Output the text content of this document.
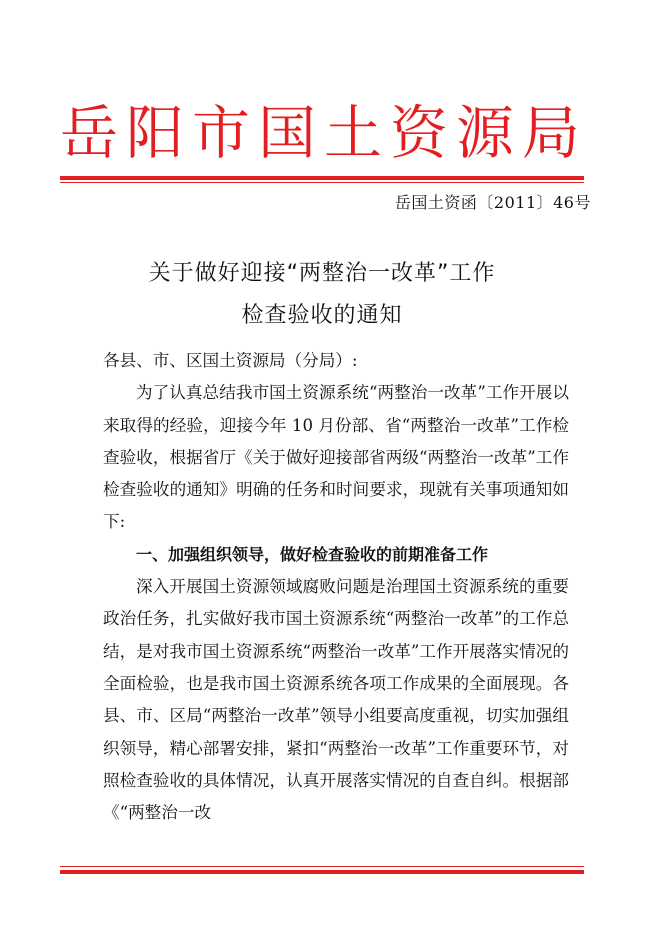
岳 阳 市 国 土 资 源 局
岳国土资函〔2011〕46号
关于做好迎接“两整治一改革”工作
检查验收的通知

各县、市、区国土资源局（分局）:

为了认真总结我市国土资源系统“两整治一改革”工作开展以来取得的经验，迎接今年 10 月份部、省“两整治一改革”工作检查验收，根据省厅《关于做好迎接部省两级“两整治一改革”工作检查验收的通知》明确的任务和时间要求，现就有关事项通知如下:

一、加强组织领导，做好检查验收的前期准备工作

深入开展国土资源领域腐败问题是治理国土资源系统的重要政治任务，扎实做好我市国土资源系统“两整治一改革”的工作总结，是对我市国土资源系统“两整治一改革”工作开展落实情况的全面检验，也是我市国土资源系统各项工作成果的全面展现。各县、市、区局“两整治一改革”领导小组要高度重视，切实加强组织领导，精心部署安排，紧扣“两整治一改革”工作重要环节，对照检查验收的具体情况，认真开展落实情况的自查自纠。根据部《“两整治一改
